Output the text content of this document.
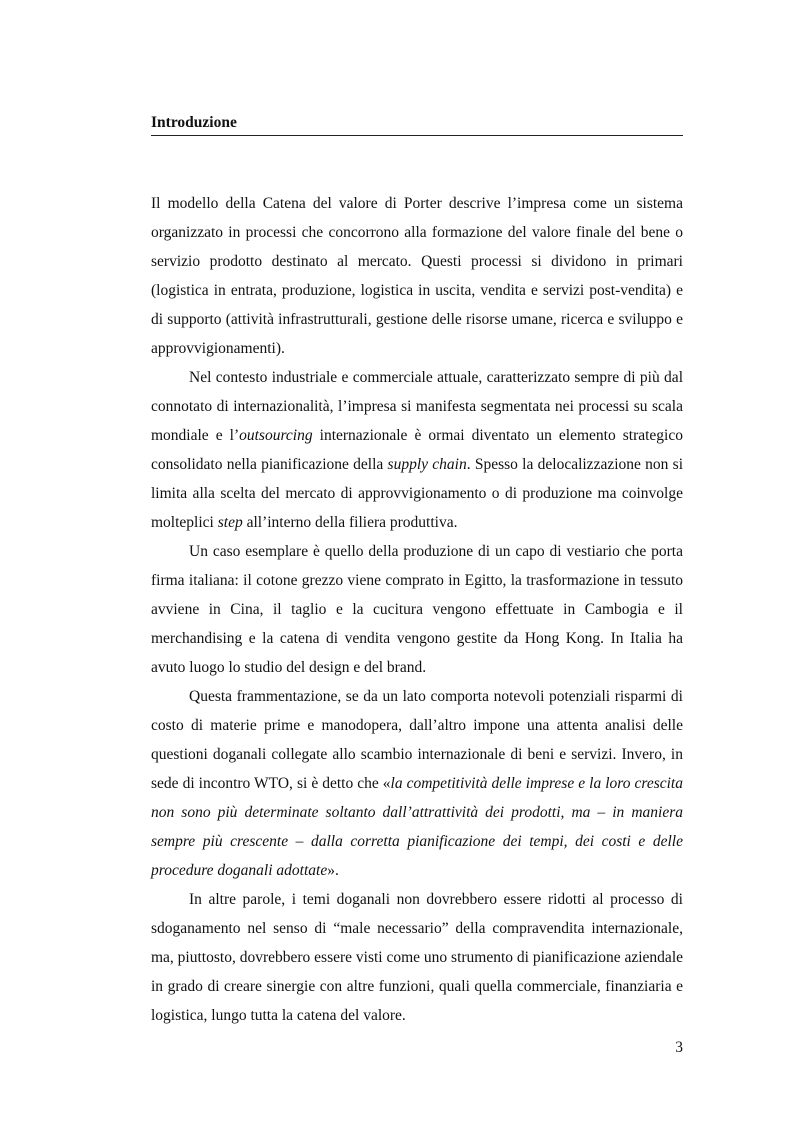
Introduzione

Il modello della Catena del valore di Porter descrive l’impresa come un sistema organizzato in processi che concorrono alla formazione del valore finale del bene o servizio prodotto destinato al mercato. Questi processi si dividono in primari (logistica in entrata, produzione, logistica in uscita, vendita e servizi post-vendita) e di supporto (attività infrastrutturali, gestione delle risorse umane, ricerca e sviluppo e approvvigionamenti).

Nel contesto industriale e commerciale attuale, caratterizzato sempre di più dal connotato di internazionalità, l’impresa si manifesta segmentata nei processi su scala mondiale e l’outsourcing internazionale è ormai diventato un elemento strategico consolidato nella pianificazione della supply chain. Spesso la delocalizzazione non si limita alla scelta del mercato di approvvigionamento o di produzione ma coinvolge molteplici step all’interno della filiera produttiva.

Un caso esemplare è quello della produzione di un capo di vestiario che porta firma italiana: il cotone grezzo viene comprato in Egitto, la trasformazione in tessuto avviene in Cina, il taglio e la cucitura vengono effettuate in Cambogia e il merchandising e la catena di vendita vengono gestite da Hong Kong. In Italia ha avuto luogo lo studio del design e del brand.

Questa frammentazione, se da un lato comporta notevoli potenziali risparmi di costo di materie prime e manodopera, dall’altro impone una attenta analisi delle questioni doganali collegate allo scambio internazionale di beni e servizi. Invero, in sede di incontro WTO, si è detto che «la competitività delle imprese e la loro crescita non sono più determinate soltanto dall’attrattività dei prodotti, ma – in maniera sempre più crescente – dalla corretta pianificazione dei tempi, dei costi e delle procedure doganali adottate».

In altre parole, i temi doganali non dovrebbero essere ridotti al processo di sdoganamento nel senso di “male necessario” della compravendita internazionale, ma, piuttosto, dovrebbero essere visti come uno strumento di pianificazione aziendale in grado di creare sinergie con altre funzioni, quali quella commerciale, finanziaria e logistica, lungo tutta la catena del valore.

3
